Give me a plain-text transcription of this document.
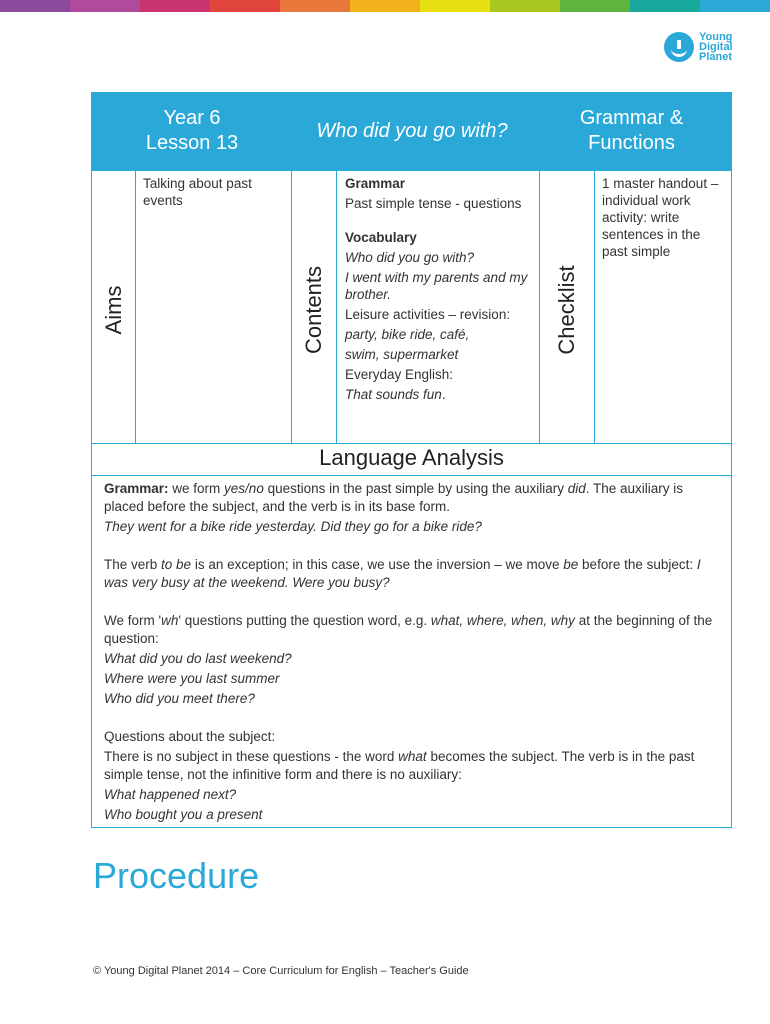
Young
Digital
Planet
Year 6
Lesson 13
Who did you go with?
Grammar &
Functions
Aims
Talking about past events
Contents

Grammar

Past simple tense - questions

Vocabulary

Who did you go with?

I went with my parents and my brother.

Leisure activities – revision:

party, bike ride, café,

swim, supermarket

Everyday English:

That sounds fun.

Checklist
1 master handout – individual work activity: write sentences in the past simple
Language Analysis

Grammar: we form yes/no questions in the past simple by using the auxiliary did. The auxiliary is placed before the subject, and the verb is in its base form.

They went for a bike ride yesterday. Did they go for a bike ride?

The verb to be is an exception; in this case, we use the inversion – we move be before the subject: I was very busy at the weekend. Were you busy?

We form 'wh' questions putting the question word, e.g. what, where, when, why at the beginning of the question:

What did you do last weekend?

Where were you last summer

Who did you meet there?

Questions about the subject:

There is no subject in these questions - the word what becomes the subject. The verb is in the past simple tense, not the infinitive form and there is no auxiliary:

What happened next?

Who bought you a present

Procedure
© Young Digital Planet 2014 – Core Curriculum for English – Teacher's Guide
